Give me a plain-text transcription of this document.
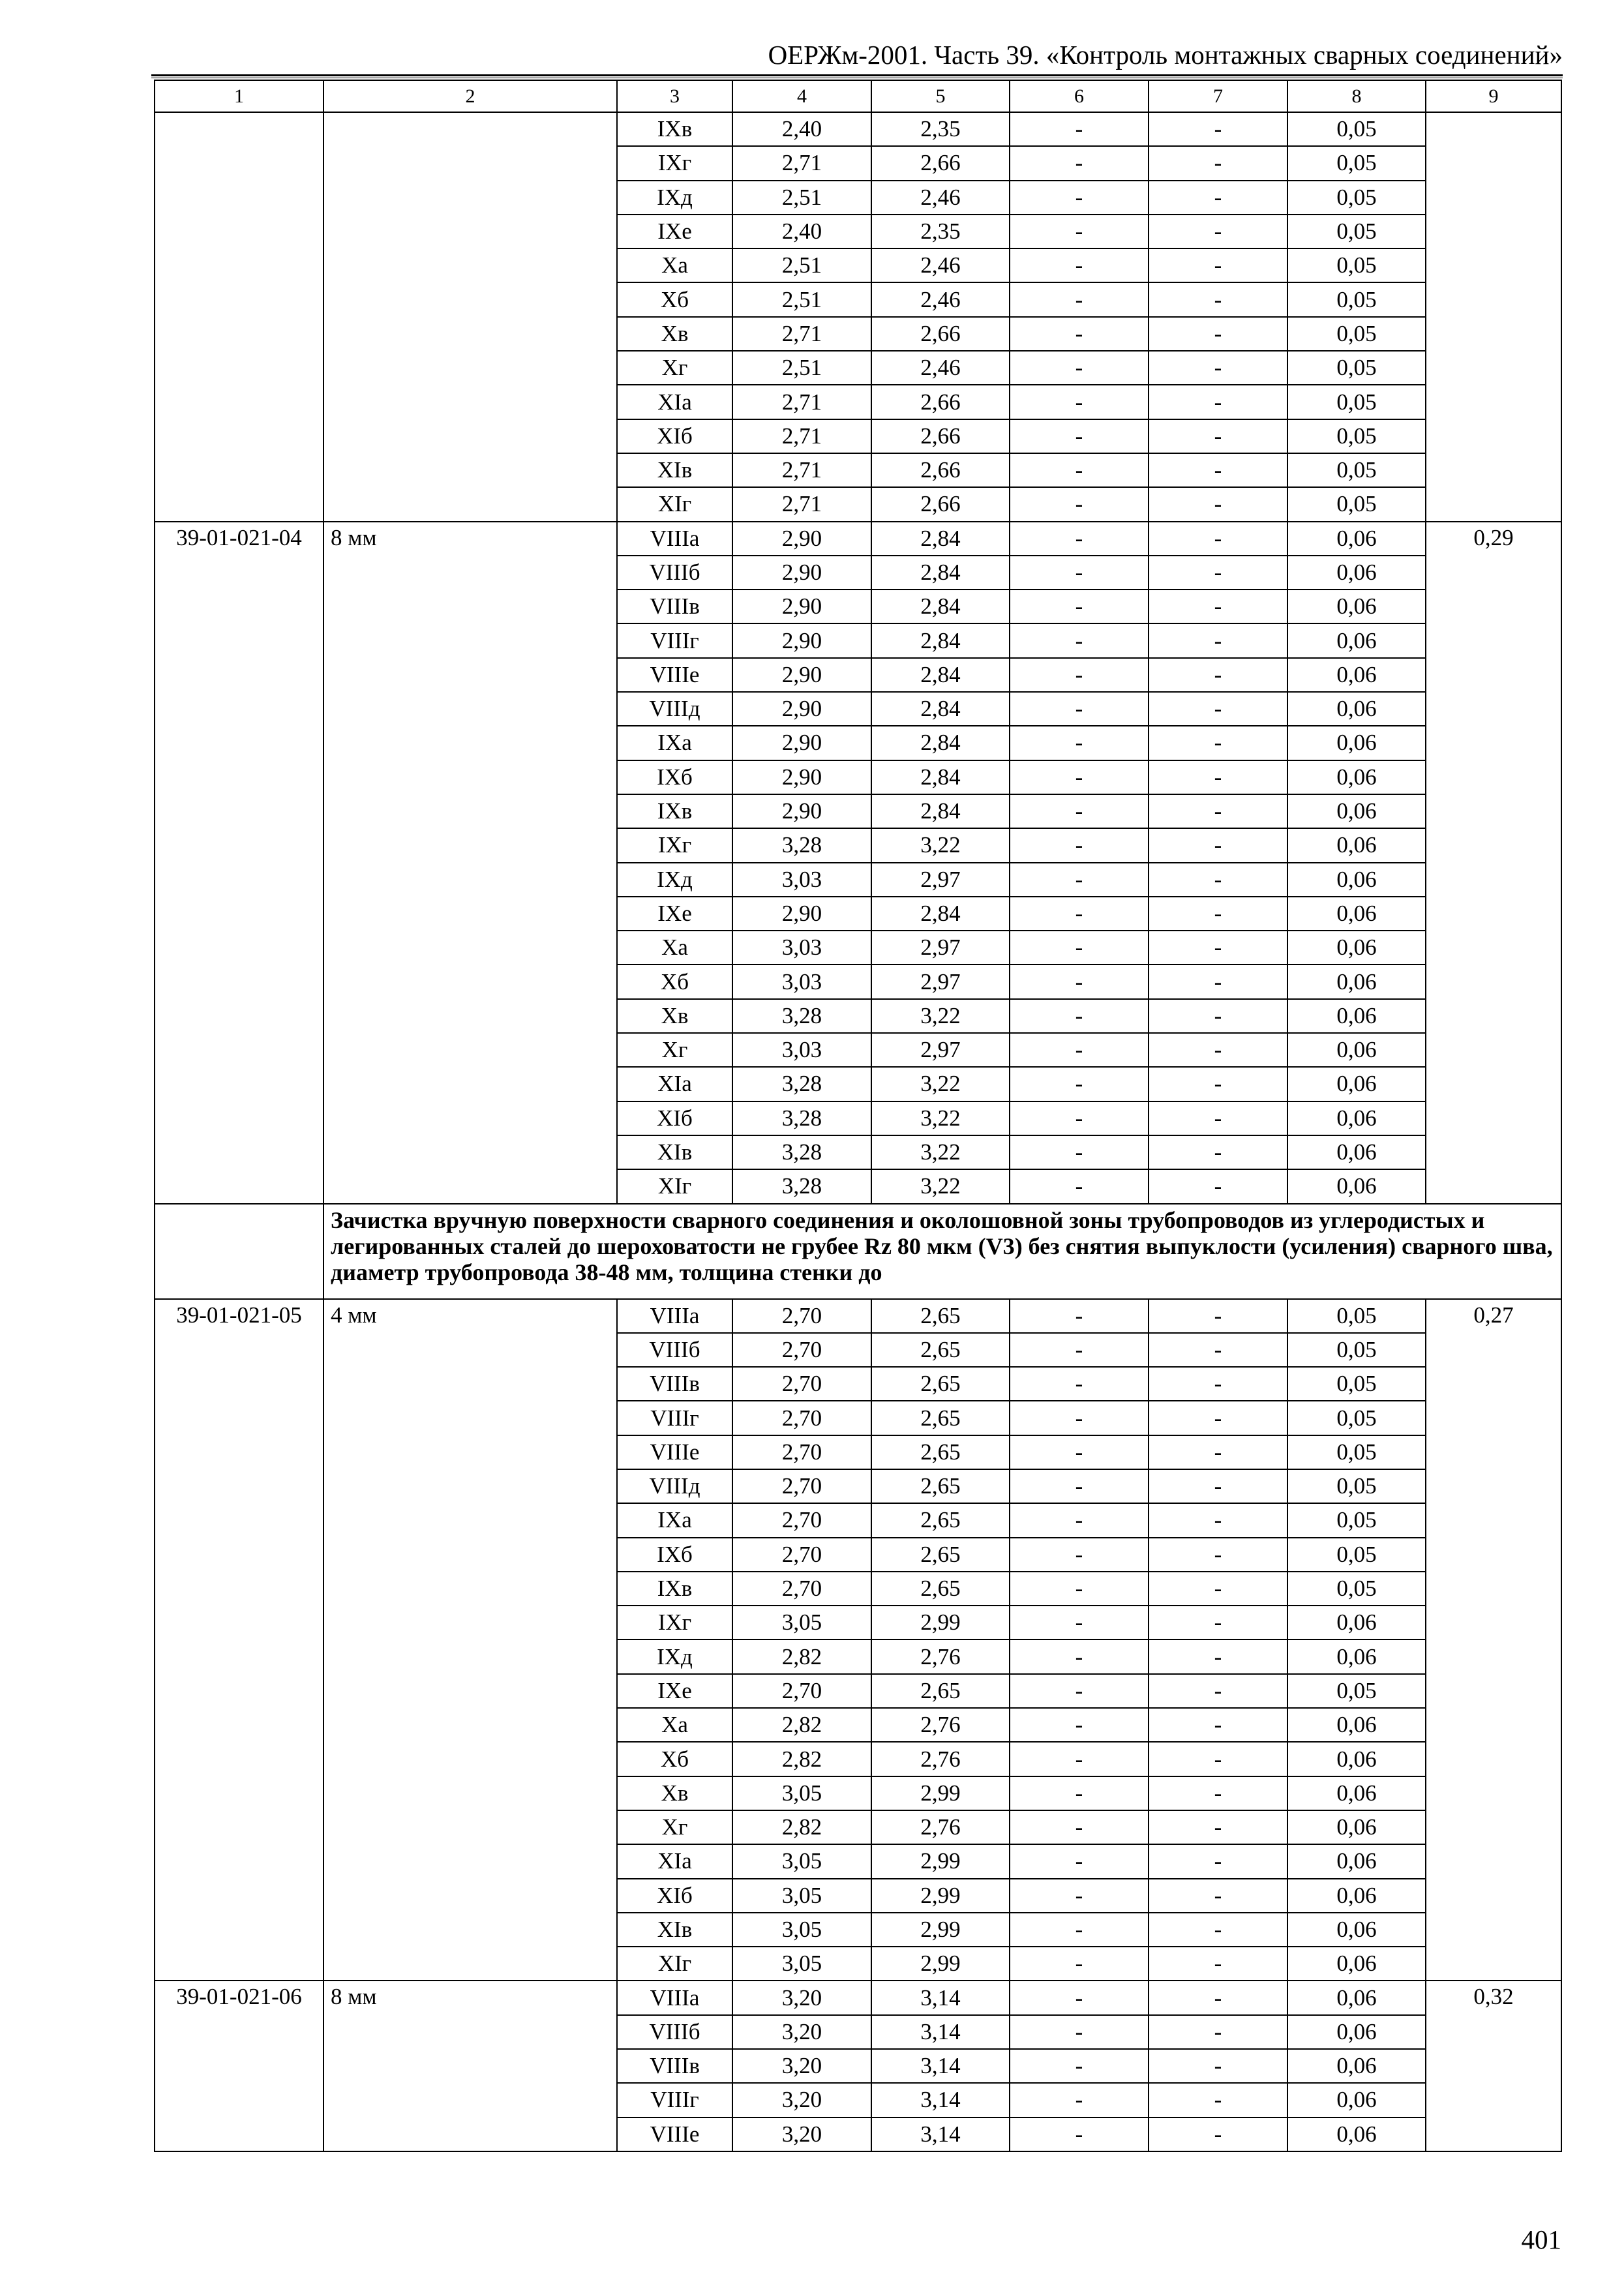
ОЕРЖм-2001. Часть 39. «Контроль монтажных сварных соединений»
1	2	3	4	5	6	7	8	9
		IXв	2,40	2,35	-	-	0,05	
		IXг	2,71	2,66	-	-	0,05	
		IXд	2,51	2,46	-	-	0,05	
		IXе	2,40	2,35	-	-	0,05	
		Xа	2,51	2,46	-	-	0,05	
		Xб	2,51	2,46	-	-	0,05	
		Xв	2,71	2,66	-	-	0,05	
		Xг	2,51	2,46	-	-	0,05	
		XIа	2,71	2,66	-	-	0,05	
		XIб	2,71	2,66	-	-	0,05	
		XIв	2,71	2,66	-	-	0,05	
		XIг	2,71	2,66	-	-	0,05	
39-01-021-04	8 мм	VIIIа	2,90	2,84	-	-	0,06	0,29
		VIIIб	2,90	2,84	-	-	0,06	
		VIIIв	2,90	2,84	-	-	0,06	
		VIIIг	2,90	2,84	-	-	0,06	
		VIIIе	2,90	2,84	-	-	0,06	
		VIIIд	2,90	2,84	-	-	0,06	
		IXа	2,90	2,84	-	-	0,06	
		IXб	2,90	2,84	-	-	0,06	
		IXв	2,90	2,84	-	-	0,06	
		IXг	3,28	3,22	-	-	0,06	
		IXд	3,03	2,97	-	-	0,06	
		IXе	2,90	2,84	-	-	0,06	
		Xа	3,03	2,97	-	-	0,06	
		Xб	3,03	2,97	-	-	0,06	
		Xв	3,28	3,22	-	-	0,06	
		Xг	3,03	2,97	-	-	0,06	
		XIа	3,28	3,22	-	-	0,06	
		XIб	3,28	3,22	-	-	0,06	
		XIв	3,28	3,22	-	-	0,06	
		XIг	3,28	3,22	-	-	0,06	
	Зачистка вручную поверхности сварного соединения и околошовной зоны трубопроводов из углеродистых и легированных сталей до шероховатости не грубее Rz 80 мкм (V3) без снятия выпуклости (усиления) сварного шва, диаметр трубопровода 38-48 мм, толщина стенки до							
39-01-021-05	4 мм	VIIIа	2,70	2,65	-	-	0,05	0,27
		VIIIб	2,70	2,65	-	-	0,05	
		VIIIв	2,70	2,65	-	-	0,05	
		VIIIг	2,70	2,65	-	-	0,05	
		VIIIе	2,70	2,65	-	-	0,05	
		VIIIд	2,70	2,65	-	-	0,05	
		IXа	2,70	2,65	-	-	0,05	
		IXб	2,70	2,65	-	-	0,05	
		IXв	2,70	2,65	-	-	0,05	
		IXг	3,05	2,99	-	-	0,06	
		IXд	2,82	2,76	-	-	0,06	
		IXе	2,70	2,65	-	-	0,05	
		Xа	2,82	2,76	-	-	0,06	
		Xб	2,82	2,76	-	-	0,06	
		Xв	3,05	2,99	-	-	0,06	
		Xг	2,82	2,76	-	-	0,06	
		XIа	3,05	2,99	-	-	0,06	
		XIб	3,05	2,99	-	-	0,06	
		XIв	3,05	2,99	-	-	0,06	
		XIг	3,05	2,99	-	-	0,06	
39-01-021-06	8 мм	VIIIа	3,20	3,14	-	-	0,06	0,32
		VIIIб	3,20	3,14	-	-	0,06	
		VIIIв	3,20	3,14	-	-	0,06	
		VIIIг	3,20	3,14	-	-	0,06	
		VIIIе	3,20	3,14	-	-	0,06	
401
